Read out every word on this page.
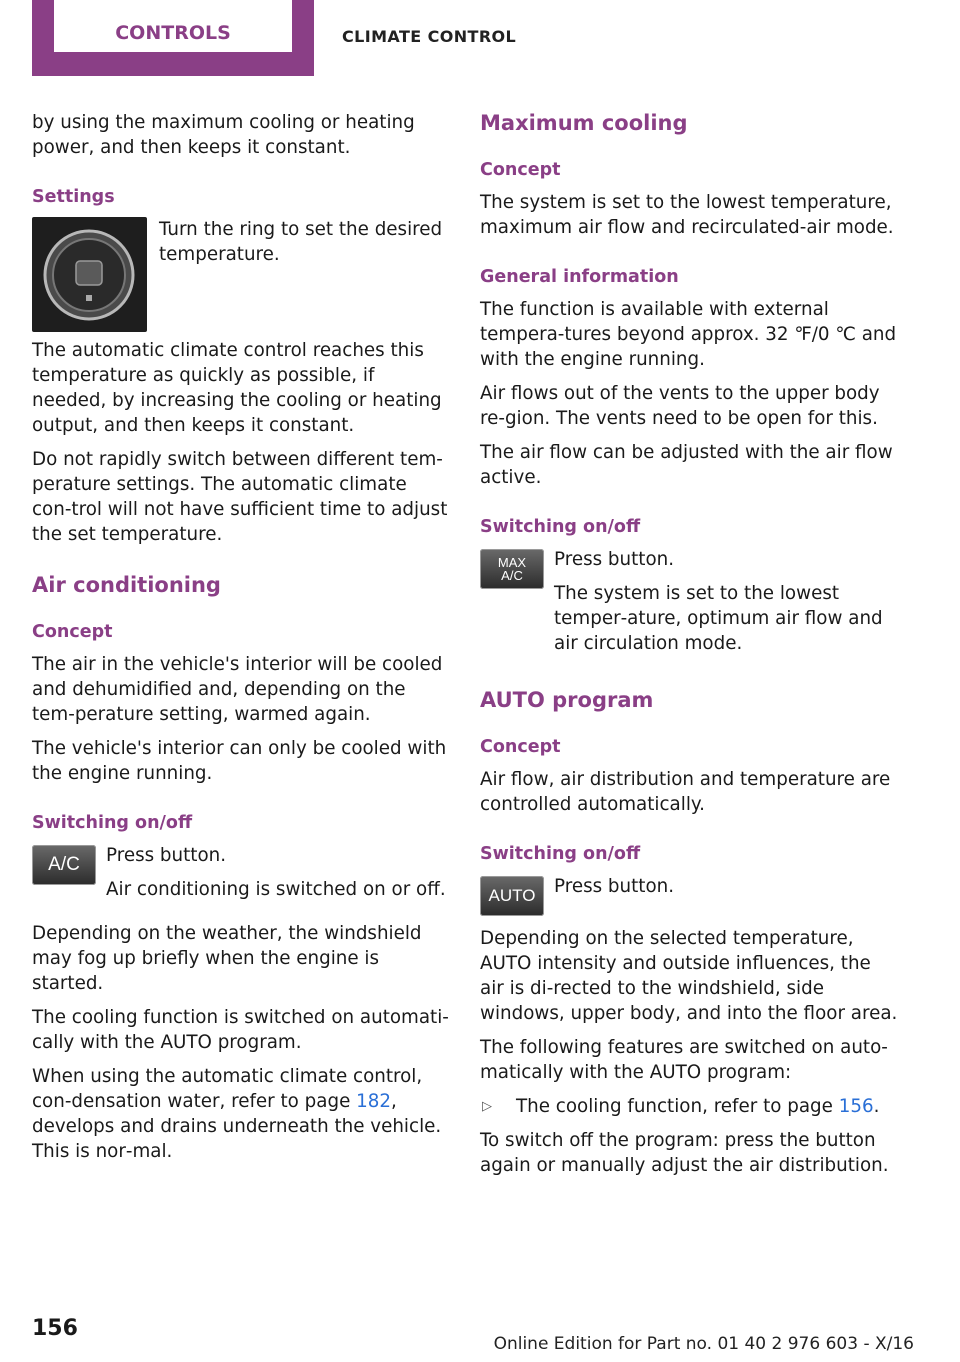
CONTROLS	CLIMATE CONTROL

by using the maximum cooling or heating power, and then keeps it constant.

Settings

Turn the ring to set the desired temperature.

The automatic climate control reaches this temperature as quickly as possible, if needed, by increasing the cooling or heating output, and then keeps it constant.

Do not rapidly switch between different tem‐perature settings. The automatic climate con‐trol will not have sufficient time to adjust the set temperature.

Air conditioning
Concept

The air in the vehicle's interior will be cooled and dehumidified and, depending on the tem‐perature setting, warmed again.

The vehicle's interior can only be cooled with the engine running.

Switching on/off
A/C	Press button.

Air conditioning is switched on or off.

Depending on the weather, the windshield may fog up briefly when the engine is started.

The cooling function is switched on automati‐cally with the AUTO program.

When using the automatic climate control, con‐densation water, refer to page 182, develops and drains underneath the vehicle. This is nor‐mal.

Maximum cooling
Concept

The system is set to the lowest temperature, maximum air flow and recirculated-air mode.

General information

The function is available with external tempera‐tures beyond approx. 32 ℉/0 ℃ and with the engine running.

Air flows out of the vents to the upper body re‐gion. The vents need to be open for this.

The air flow can be adjusted with the air flow active.

Switching on/off
MAX
A/C

Press button.

The system is set to the lowest temper‐ature, optimum air flow and air circulation mode.

AUTO program
Concept

Air flow, air distribution and temperature are controlled automatically.

Switching on/off
AUTO	Press button.

Depending on the selected temperature, AUTO intensity and outside influences, the air is di‐rected to the windshield, side windows, upper body, and into the floor area.

The following features are switched on auto‐matically with the AUTO program:

▷	The cooling function, refer to page 156.

To switch off the program: press the button again or manually adjust the air distribution.

156
Online Edition for Part no. 01 40 2 976 603 - X/16
